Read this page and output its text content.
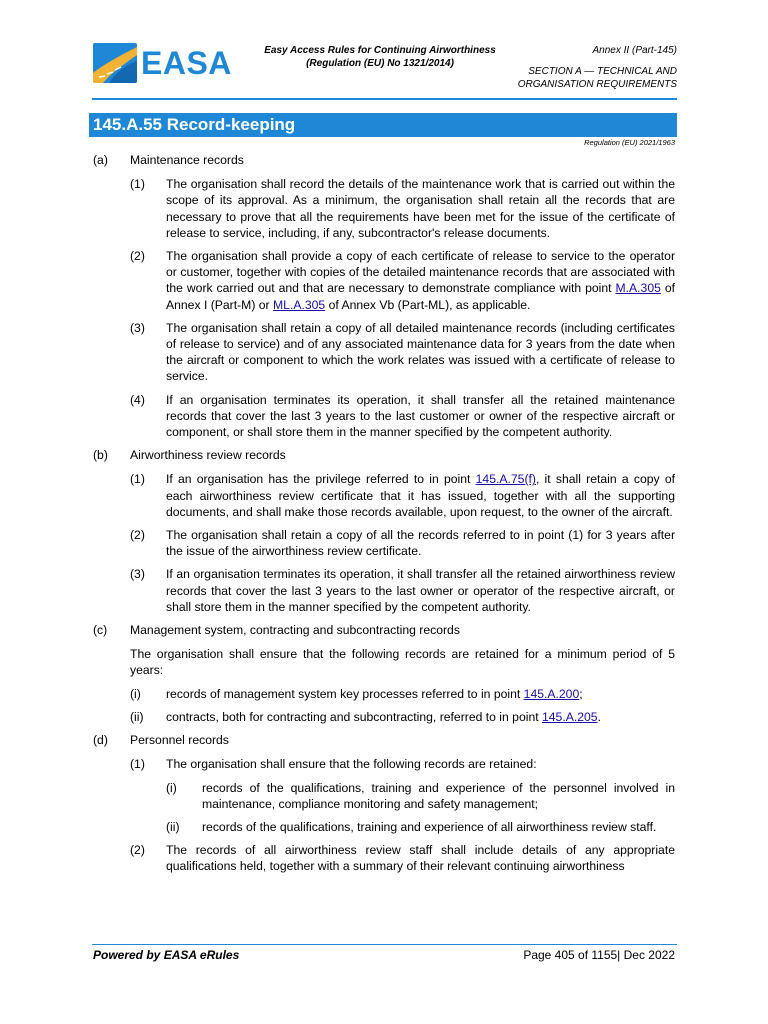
EASA	Easy Access Rules for Continuing Airworthiness
(Regulation (EU) No 1321/2014)
Annex II (Part-145)
SECTION A — TECHNICAL AND
ORGANISATION REQUIREMENTS
145.A.55 Record-keeping
Regulation (EU) 2021/1963
(a) Maintenance records
(1) The organisation shall record the details of the maintenance work that is carried out within the scope of its approval. As a minimum, the organisation shall retain all the records that are necessary to prove that all the requirements have been met for the issue of the certificate of release to service, including, if any, subcontractor's release documents.
(2) The organisation shall provide a copy of each certificate of release to service to the operator or customer, together with copies of the detailed maintenance records that are associated with the work carried out and that are necessary to demonstrate compliance with point M.A.305 of Annex I (Part-M) or ML.A.305 of Annex Vb (Part-ML), as applicable.
(3) The organisation shall retain a copy of all detailed maintenance records (including certificates of release to service) and of any associated maintenance data for 3 years from the date when the aircraft or component to which the work relates was issued with a certificate of release to service.
(4) If an organisation terminates its operation, it shall transfer all the retained maintenance records that cover the last 3 years to the last customer or owner of the respective aircraft or component, or shall store them in the manner specified by the competent authority.
(b) Airworthiness review records
(1) If an organisation has the privilege referred to in point 145.A.75(f), it shall retain a copy of each airworthiness review certificate that it has issued, together with all the supporting documents, and shall make those records available, upon request, to the owner of the aircraft.
(2) The organisation shall retain a copy of all the records referred to in point (1) for 3 years after the issue of the airworthiness review certificate.
(3) If an organisation terminates its operation, it shall transfer all the retained airworthiness review records that cover the last 3 years to the last owner or operator of the respective aircraft, or shall store them in the manner specified by the competent authority.
(c) Management system, contracting and subcontracting records
The organisation shall ensure that the following records are retained for a minimum period of 5 years:
(i) records of management system key processes referred to in point 145.A.200;
(ii) contracts, both for contracting and subcontracting, referred to in point 145.A.205.
(d) Personnel records
(1) The organisation shall ensure that the following records are retained:
(i) records of the qualifications, training and experience of the personnel involved in maintenance, compliance monitoring and safety management;
(ii) records of the qualifications, training and experience of all airworthiness review staff.
(2) The records of all airworthiness review staff shall include details of any appropriate qualifications held, together with a summary of their relevant continuing airworthiness
Powered by EASA eRules	Page 405 of 1155| Dec 2022
